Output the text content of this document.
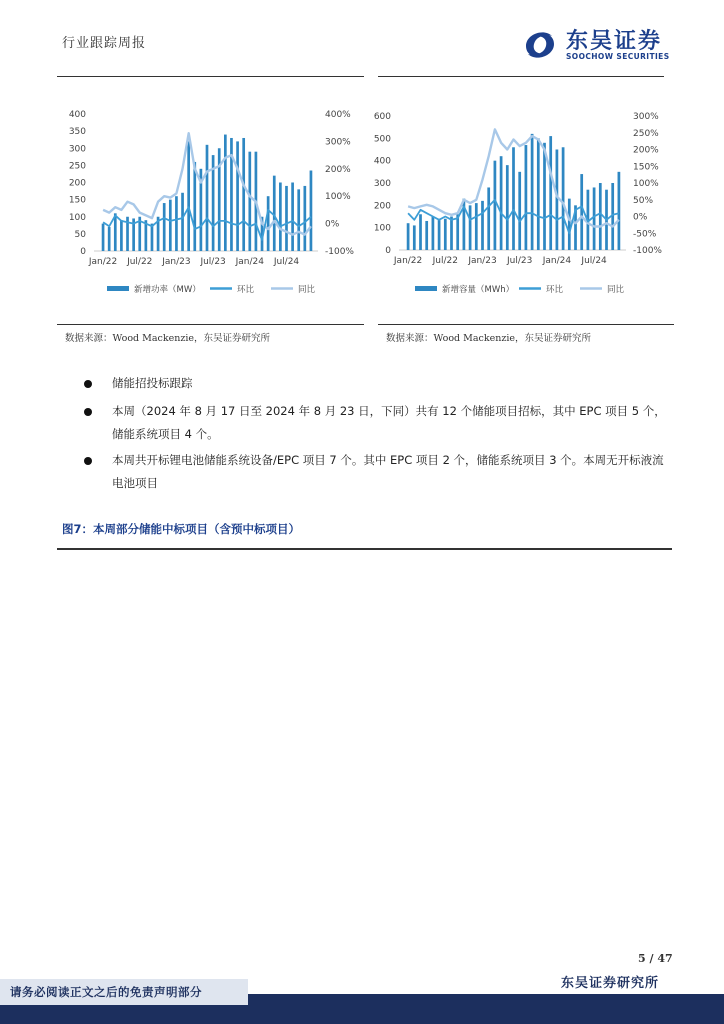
行业跟踪周报	东吴证券
SOOCHOW SECURITIES
0
50
100
150
200
250
300
350
400
-100%
0%
100%
200%
300%
400%
Jan/22 Jul/22 Jan/23 Jul/23 Jan/24 Jul/24
新增功率（MW）	环比	同比
0
100
200
300
400
500
600
-100%
-50%
0%
50%
100%
150%
200%
250%
300%
Jan/22 Jul/22 Jan/23 Jul/23 Jan/24 Jul/24
新增容量（MWh）	环比	同比
数据来源：Wood Mackenzie，东吴证券研究所	数据来源：Wood Mackenzie，东吴证券研究所
储能招投标跟踪
本周（2024 年 8 月 17 日至 2024 年 8 月 23 日，下同）共有 12 个储能项目招标，其中 EPC 项目 5 个，储能系统项目 4 个。
本周共开标锂电池储能系统设备/EPC 项目 7 个。其中 EPC 项目 2 个，储能系统项目 3 个。本周无开标液流电池项目
图7：本周部分储能中标项目（含预中标项目）
5 / 47
东吴证券研究所
请务必阅读正文之后的免责声明部分
